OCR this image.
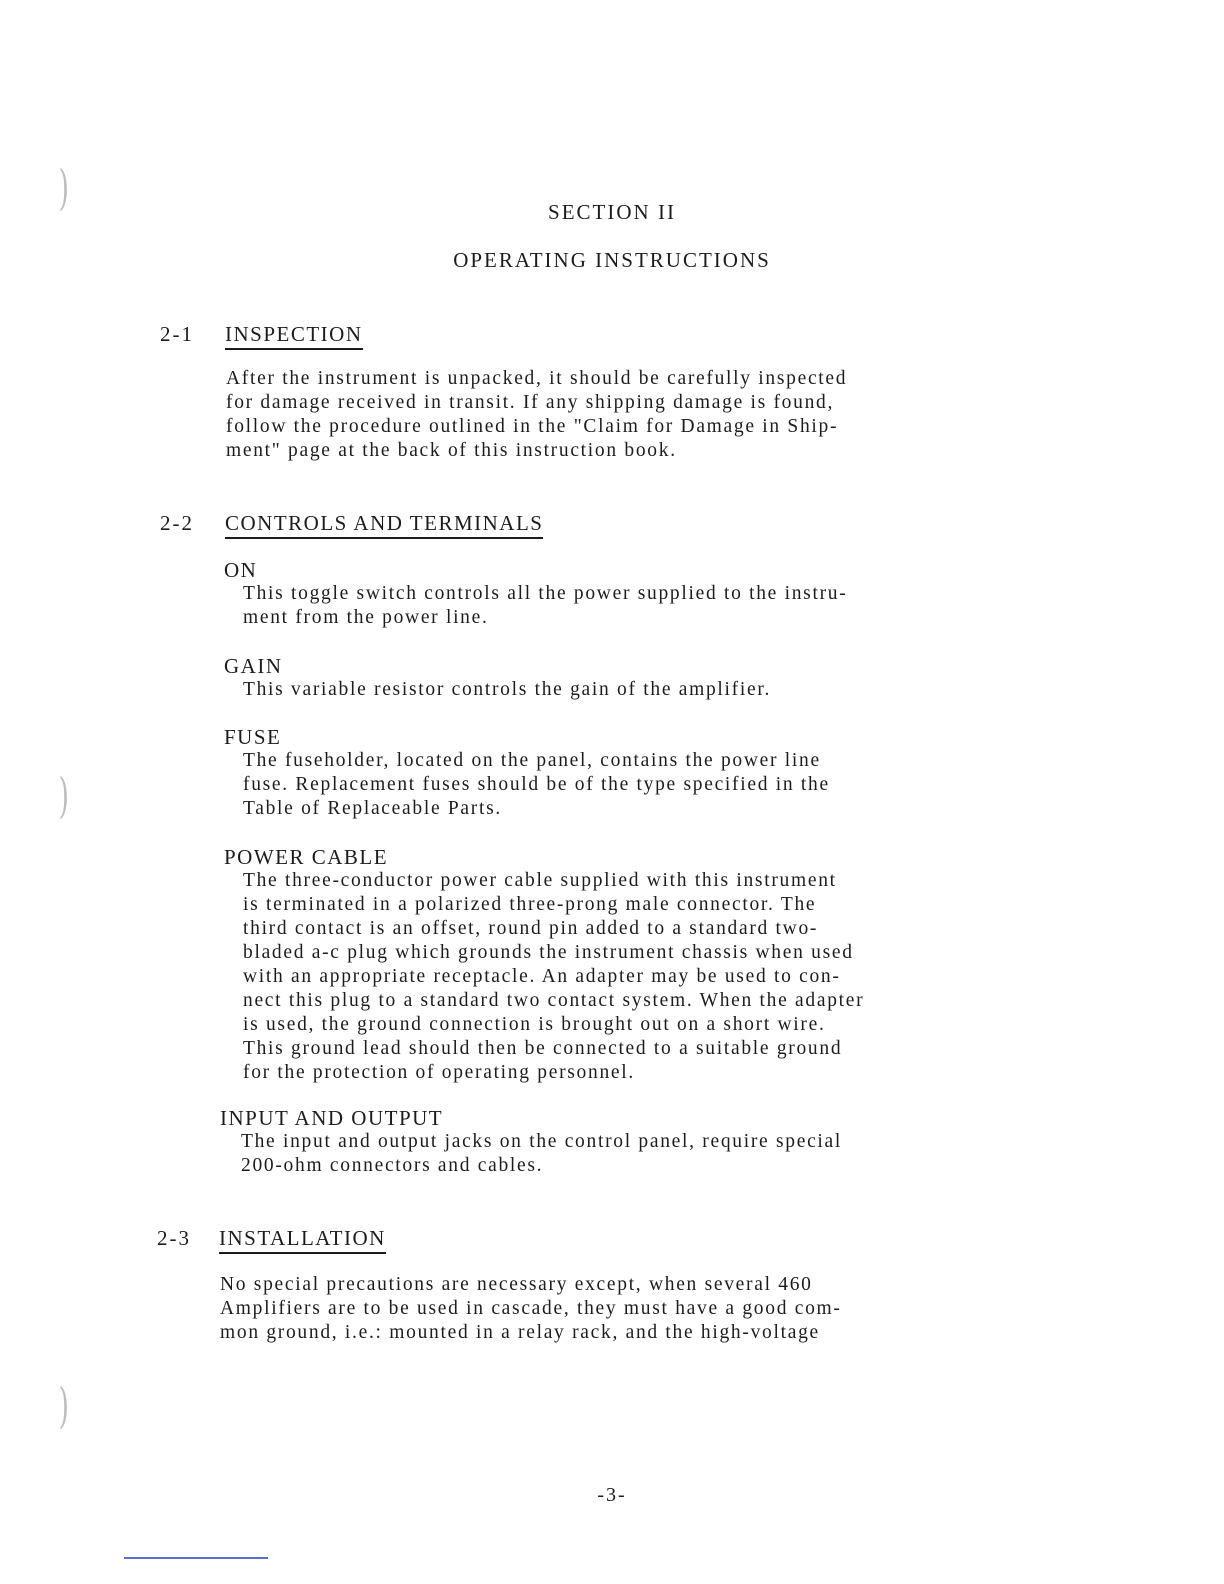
)
)
)
SECTION II
OPERATING INSTRUCTIONS
2-1 INSPECTION
After the instrument is unpacked, it should be carefully inspected
for damage received in transit. If any shipping damage is found,
follow the procedure outlined in the "Claim for Damage in Ship-
ment" page at the back of this instruction book.
2-2 CONTROLS AND TERMINALS
ON
This toggle switch controls all the power supplied to the instru-
ment from the power line.
GAIN
This variable resistor controls the gain of the amplifier.
FUSE
The fuseholder, located on the panel, contains the power line
fuse. Replacement fuses should be of the type specified in the
Table of Replaceable Parts.
POWER CABLE
The three-conductor power cable supplied with this instrument
is terminated in a polarized three-prong male connector. The
third contact is an offset, round pin added to a standard two-
bladed a-c plug which grounds the instrument chassis when used
with an appropriate receptacle. An adapter may be used to con-
nect this plug to a standard two contact system. When the adapter
is used, the ground connection is brought out on a short wire.
This ground lead should then be connected to a suitable ground
for the protection of operating personnel.
INPUT AND OUTPUT
The input and output jacks on the control panel, require special
200-ohm connectors and cables.
2-3 INSTALLATION
No special precautions are necessary except, when several 460
Amplifiers are to be used in cascade, they must have a good com-
mon ground, i.e.: mounted in a relay rack, and the high-voltage
-3-
